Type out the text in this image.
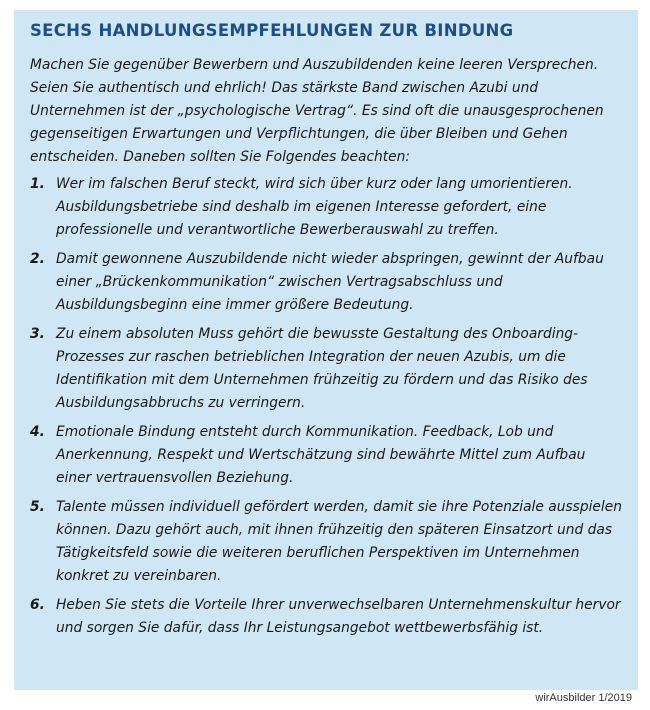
SECHS HANDLUNGSEMPFEHLUNGEN ZUR BINDUNG
Machen Sie gegenüber Bewerbern und Auszubildenden keine leeren Versprechen. Seien Sie authentisch und ehrlich! Das stärkste Band zwischen Azubi und Unternehmen ist der „psychologische Vertrag“. Es sind oft die unausgesprochenen gegenseitigen Erwartungen und Verpflichtungen, die über Bleiben und Gehen entscheiden. Daneben sollten Sie Folgendes beachten:
1. Wer im falschen Beruf steckt, wird sich über kurz oder lang umorientieren. Ausbildungsbetriebe sind deshalb im eigenen Interesse gefordert, eine professionelle und verantwortliche Bewerberauswahl zu treffen.
2. Damit gewonnene Auszubildende nicht wieder abspringen, gewinnt der Aufbau einer „Brückenkommunikation“ zwischen Vertragsabschluss und Ausbildungsbeginn eine immer größere Bedeutung.
3. Zu einem absoluten Muss gehört die bewusste Gestaltung des Onboarding-Prozesses zur raschen betrieblichen Integration der neuen Azubis, um die Identifikation mit dem Unternehmen frühzeitig zu fördern und das Risiko des Ausbildungsabbruchs zu verringern.
4. Emotionale Bindung entsteht durch Kommunikation. Feedback, Lob und Anerkennung, Respekt und Wertschätzung sind bewährte Mittel zum Aufbau einer vertrauensvollen Beziehung.
5. Talente müssen individuell gefördert werden, damit sie ihre Potenziale ausspielen können. Dazu gehört auch, mit ihnen frühzeitig den späteren Einsatzort und das Tätigkeitsfeld sowie die weiteren beruflichen Perspektiven im Unternehmen konkret zu vereinbaren.
6. Heben Sie stets die Vorteile Ihrer unverwechselbaren Unternehmenskultur hervor und sorgen Sie dafür, dass Ihr Leistungsangebot wettbewerbsfähig ist.
wirAusbilder 1/2019
